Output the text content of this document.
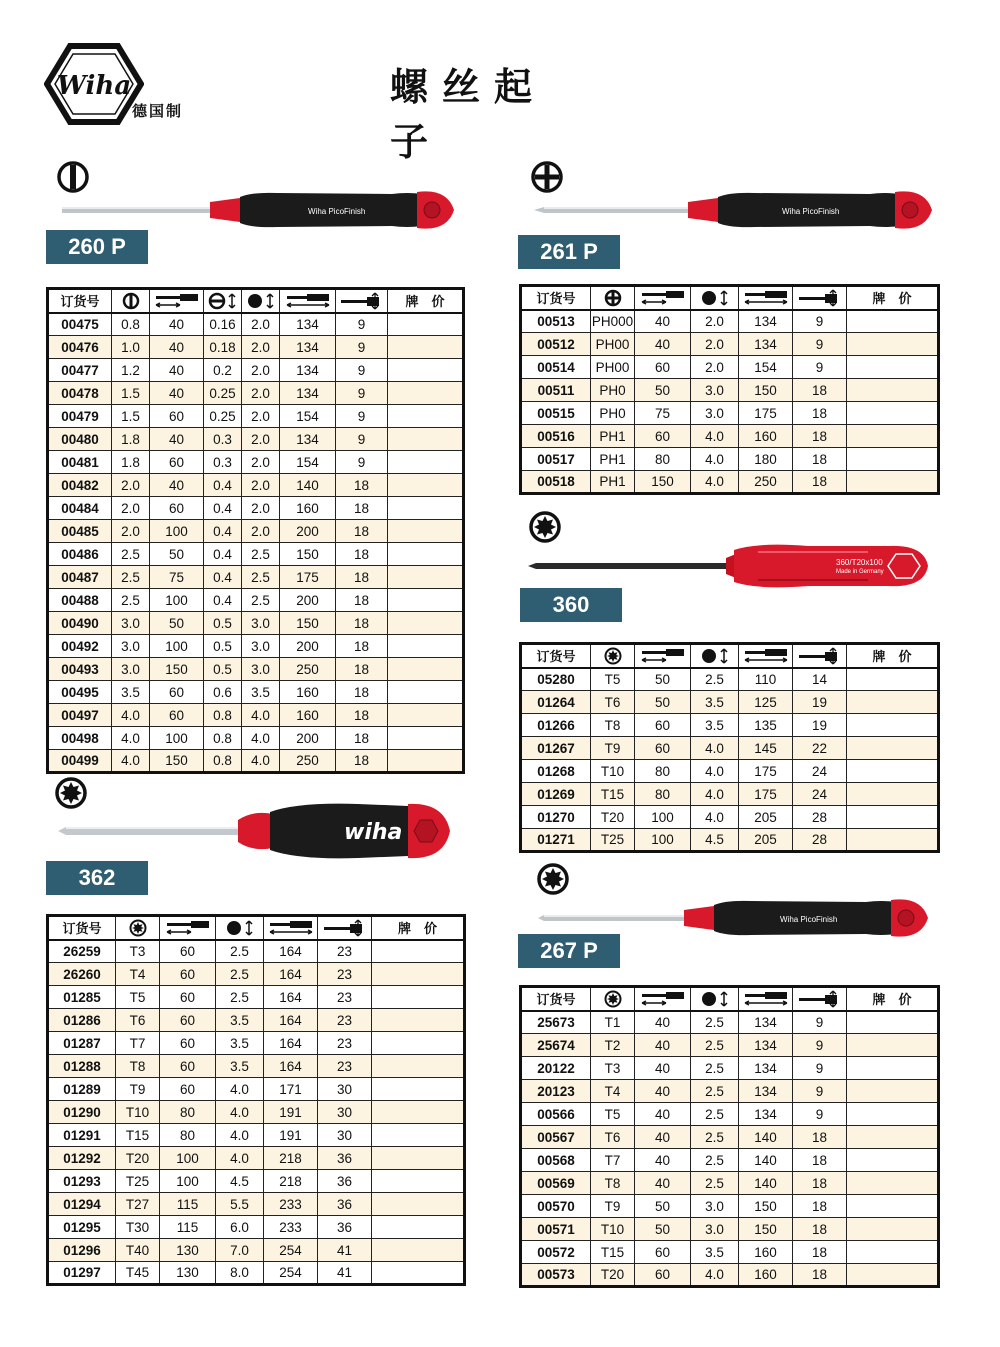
Wiha
德国制
螺丝起子
Wiha PicoFinish
260 P
订货号							牌　价
00475	0.8	40	0.16	2.0	134	9	
00476	1.0	40	0.18	2.0	134	9	
00477	1.2	40	0.2	2.0	134	9	
00478	1.5	40	0.25	2.0	134	9	
00479	1.5	60	0.25	2.0	154	9	
00480	1.8	40	0.3	2.0	134	9	
00481	1.8	60	0.3	2.0	154	9	
00482	2.0	40	0.4	2.0	140	18	
00484	2.0	60	0.4	2.0	160	18	
00485	2.0	100	0.4	2.0	200	18	
00486	2.5	50	0.4	2.5	150	18	
00487	2.5	75	0.4	2.5	175	18	
00488	2.5	100	0.4	2.5	200	18	
00490	3.0	50	0.5	3.0	150	18	
00492	3.0	100	0.5	3.0	200	18	
00493	3.0	150	0.5	3.0	250	18	
00495	3.5	60	0.6	3.5	160	18	
00497	4.0	60	0.8	4.0	160	18	
00498	4.0	100	0.8	4.0	200	18	
00499	4.0	150	0.8	4.0	250	18	
Wiha PicoFinish
261 P
订货号						牌　价
00513	PH000	40	2.0	134	9	
00512	PH00	40	2.0	134	9	
00514	PH00	60	2.0	154	9	
00511	PH0	50	3.0	150	18	
00515	PH0	75	3.0	175	18	
00516	PH1	60	4.0	160	18	
00517	PH1	80	4.0	180	18	
00518	PH1	150	4.0	250	18	
360/T20x100
Made in Germany
360
订货号						牌　价
05280	T5	50	2.5	110	14	
01264	T6	50	3.5	125	19	
01266	T8	60	3.5	135	19	
01267	T9	60	4.0	145	22	
01268	T10	80	4.0	175	24	
01269	T15	80	4.0	175	24	
01270	T20	100	4.0	205	28	
01271	T25	100	4.5	205	28	
wiha
362
订货号						牌　价
26259	T3	60	2.5	164	23	
26260	T4	60	2.5	164	23	
01285	T5	60	2.5	164	23	
01286	T6	60	3.5	164	23	
01287	T7	60	3.5	164	23	
01288	T8	60	3.5	164	23	
01289	T9	60	4.0	171	30	
01290	T10	80	4.0	191	30	
01291	T15	80	4.0	191	30	
01292	T20	100	4.0	218	36	
01293	T25	100	4.5	218	36	
01294	T27	115	5.5	233	36	
01295	T30	115	6.0	233	36	
01296	T40	130	7.0	254	41	
01297	T45	130	8.0	254	41	
Wiha PicoFinish
267 P
订货号						牌　价
25673	T1	40	2.5	134	9	
25674	T2	40	2.5	134	9	
20122	T3	40	2.5	134	9	
20123	T4	40	2.5	134	9	
00566	T5	40	2.5	134	9	
00567	T6	40	2.5	140	18	
00568	T7	40	2.5	140	18	
00569	T8	40	2.5	140	18	
00570	T9	50	3.0	150	18	
00571	T10	50	3.0	150	18	
00572	T15	60	3.5	160	18	
00573	T20	60	4.0	160	18	
